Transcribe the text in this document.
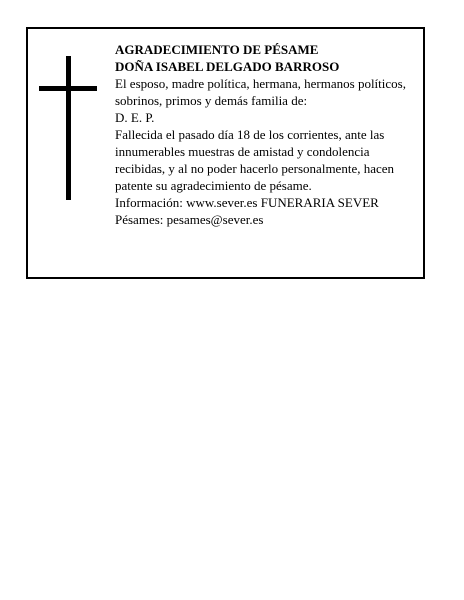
AGRADECIMIENTO DE PÉSAME
DOÑA ISABEL DELGADO BARROSO
El esposo, madre política, hermana, hermanos políticos,
sobrinos, primos y demás familia de:
D. E. P.
Fallecida el pasado día 18 de los corrientes, ante las
innumerables muestras de amistad y condolencia
recibidas, y al no poder hacerlo personalmente, hacen
patente su agradecimiento de pésame.
Información: www.sever.es FUNERARIA SEVER
Pésames: pesames@sever.es
